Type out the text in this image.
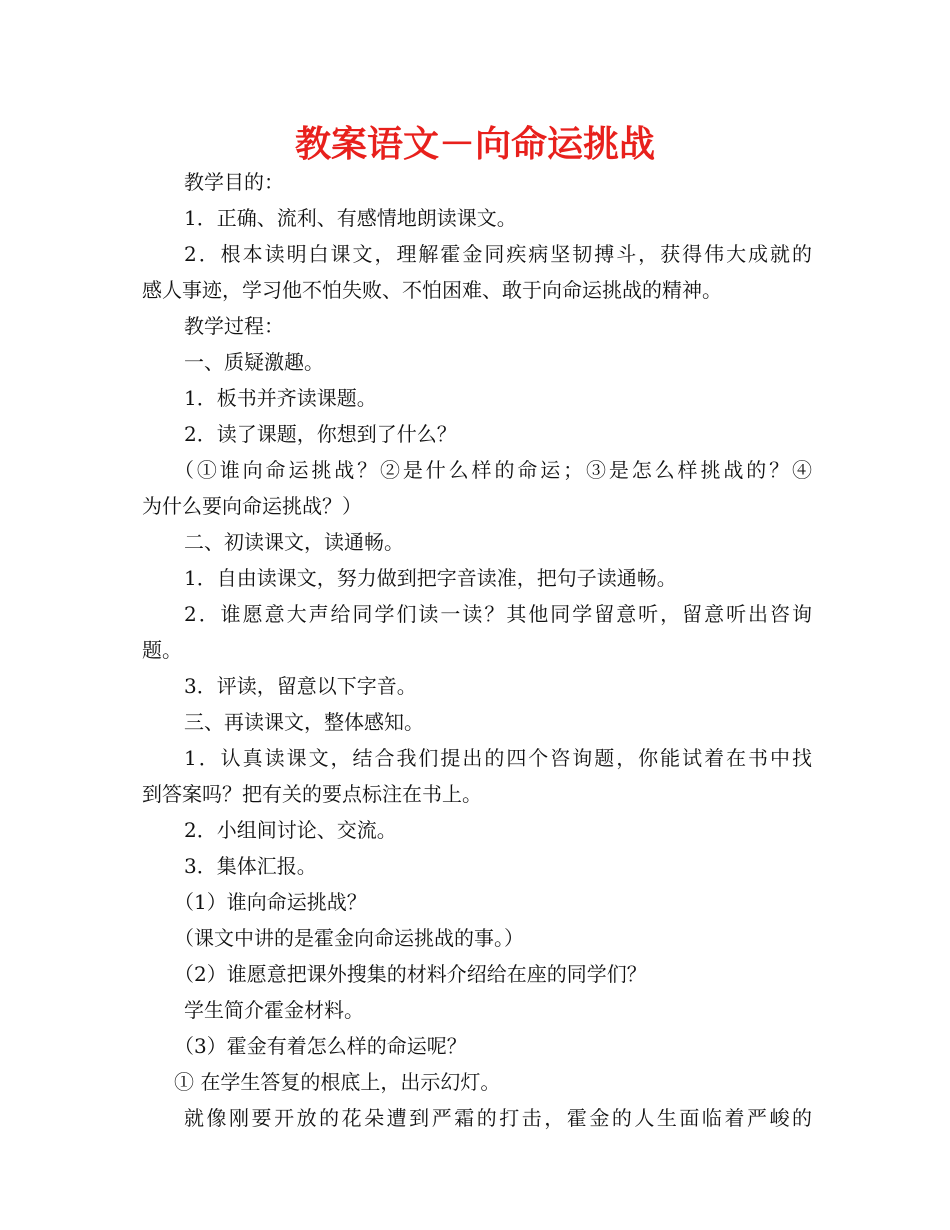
教案语文－向命运挑战

教学目的：

1．正确、流利、有感情地朗读课文。

2．根本读明白课文，理解霍金同疾病坚韧搏斗，获得伟大成就的

感人事迹，学习他不怕失败、不怕困难、敢于向命运挑战的精神。

教学过程：

一、质疑激趣。

1．板书并齐读课题。

2．读了课题，你想到了什么？

（①谁向命运挑战？②是什么样的命运；③是怎么样挑战的？④

为什么要向命运挑战？）

二、初读课文，读通畅。

1．自由读课文，努力做到把字音读准，把句子读通畅。

2．谁愿意大声给同学们读一读？其他同学留意听，留意听出咨询

题。

3．评读，留意以下字音。

三、再读课文，整体感知。

1．认真读课文，结合我们提出的四个咨询题，你能试着在书中找

到答案吗？把有关的要点标注在书上。

2．小组间讨论、交流。

3．集体汇报。

（1）谁向命运挑战？

（课文中讲的是霍金向命运挑战的事。）

（2）谁愿意把课外搜集的材料介绍给在座的同学们？

学生简介霍金材料。

（3）霍金有着怎么样的命运呢？

① 在学生答复的根底上，出示幻灯。

就像刚要开放的花朵遭到严霜的打击，霍金的人生面临着严峻的
